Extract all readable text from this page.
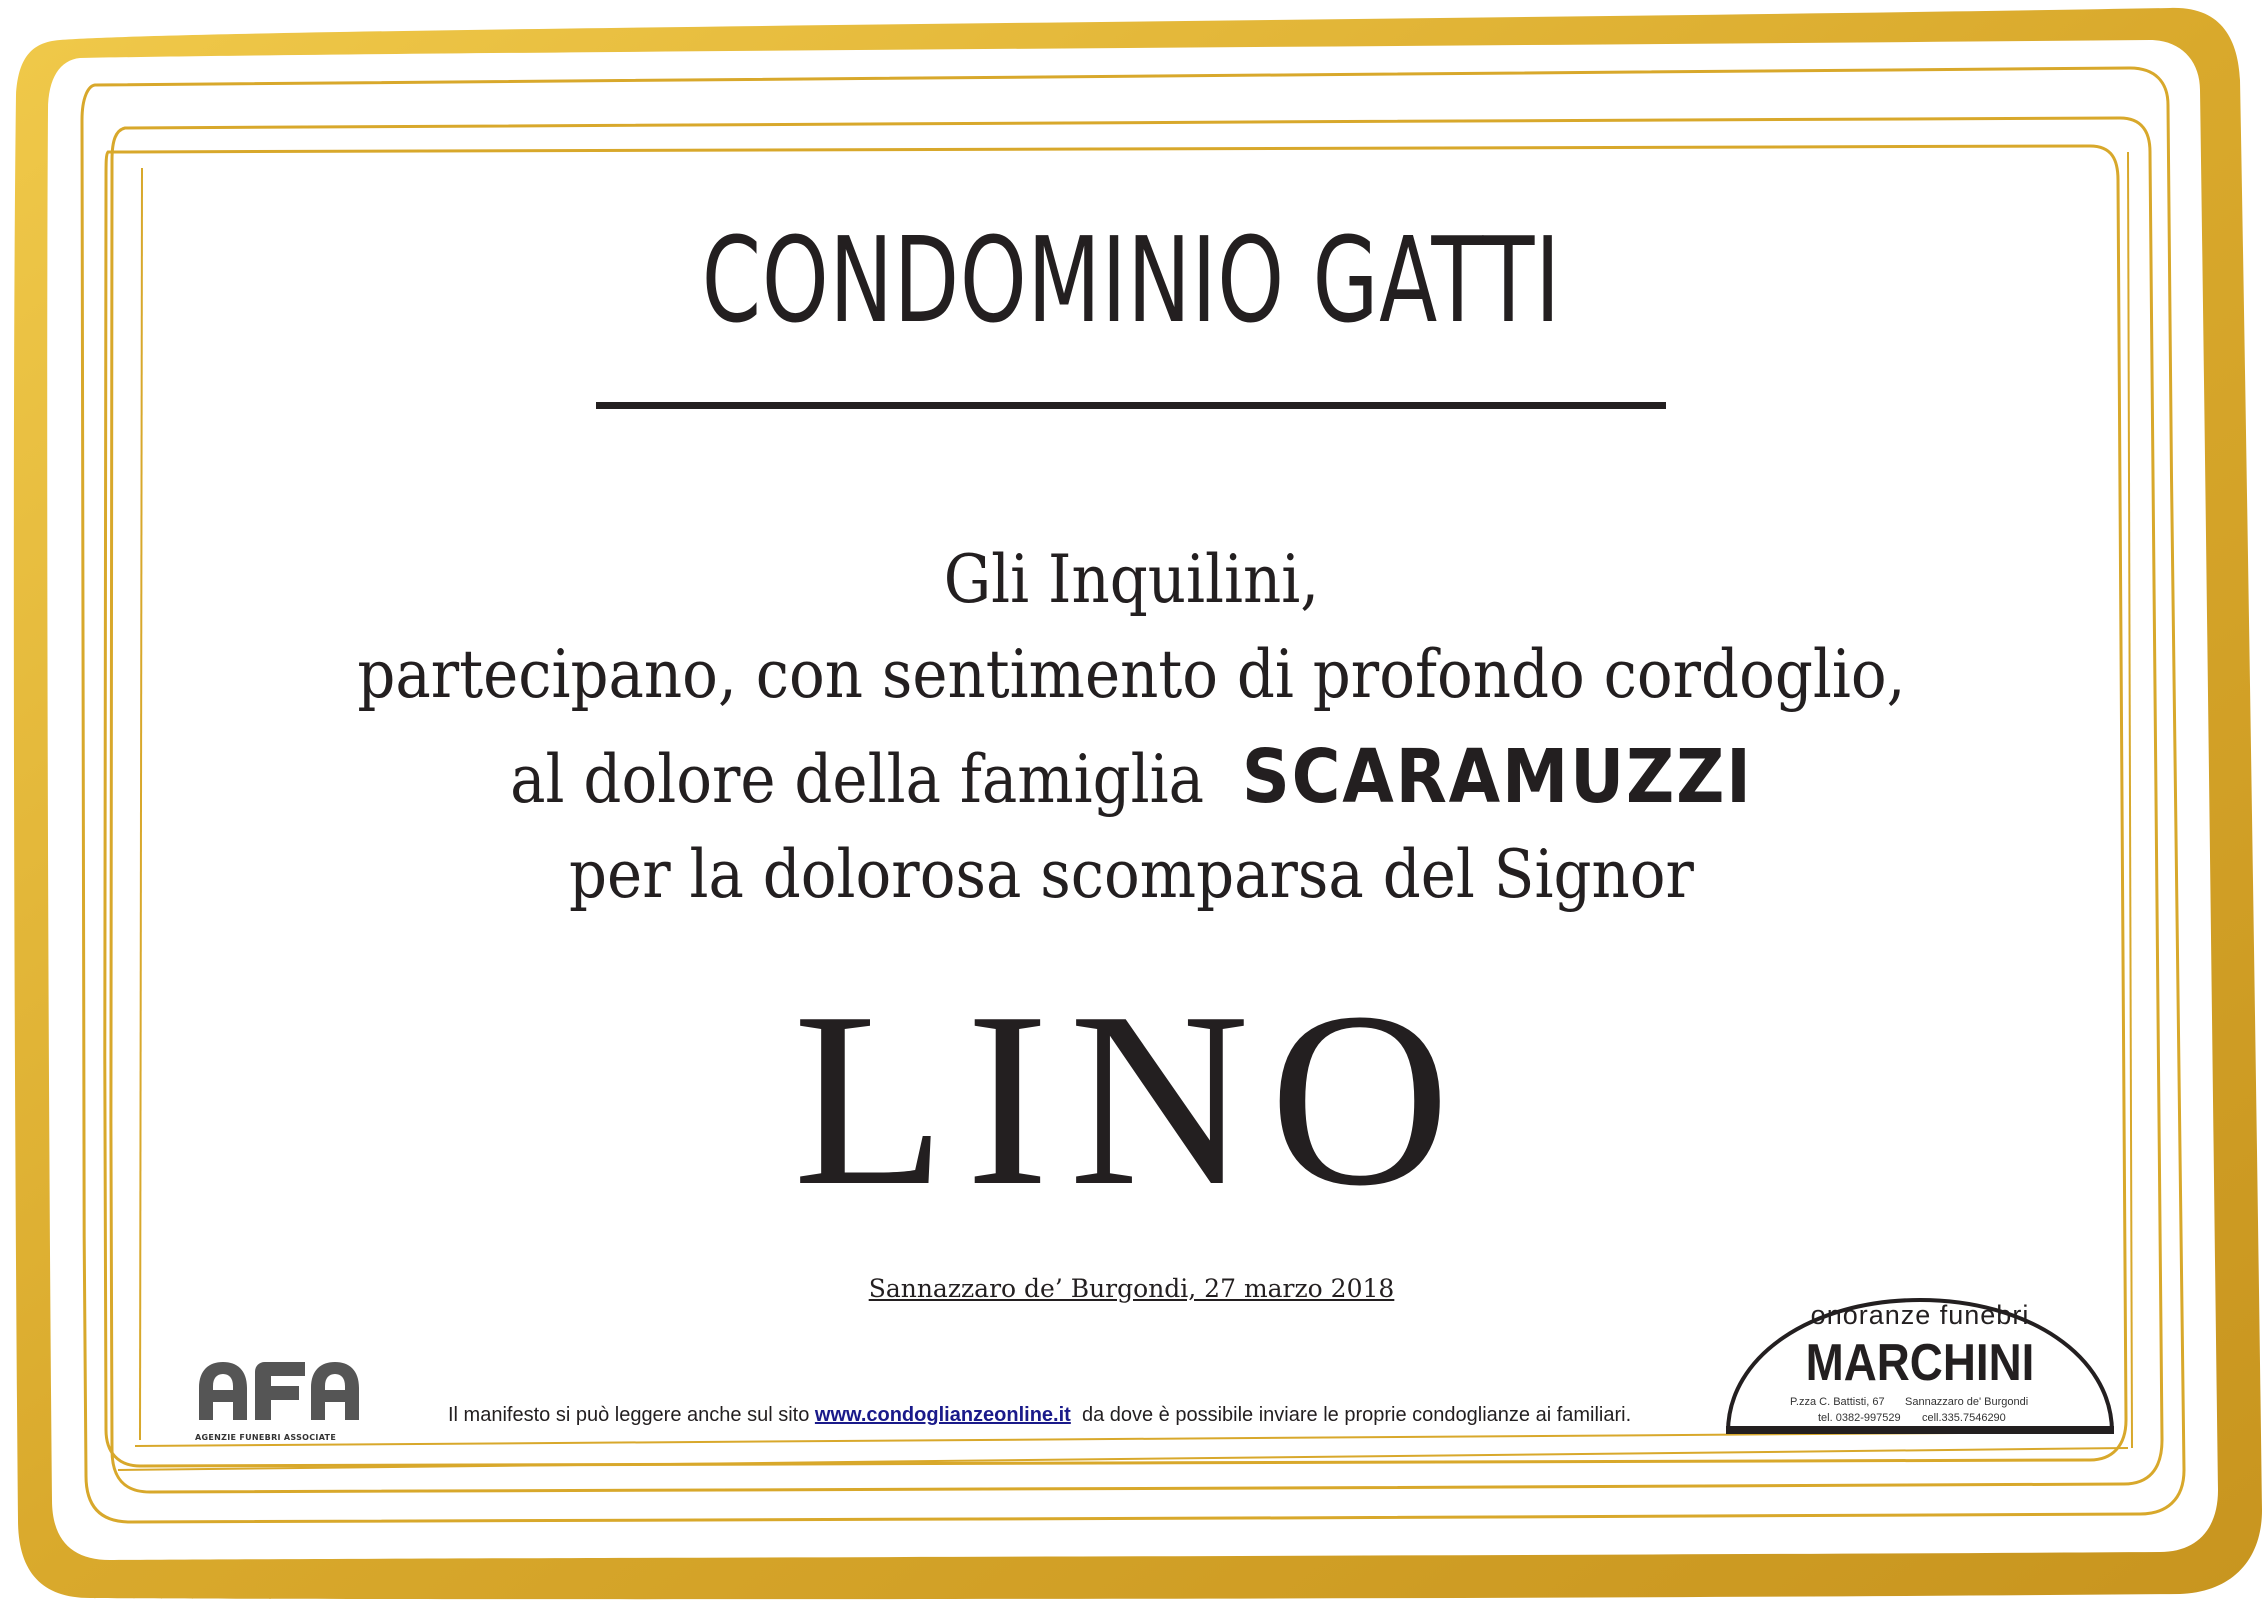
CONDOMINIO GATTI
Gli Inquilini,
partecipano, con sentimento di profondo cordoglio,
al dolore della famiglia SCARAMUZZI
per la dolorosa scomparsa del Signor
LINO
Sannazzaro de’ Burgondi, 27 marzo 2018
AGENZIE FUNEBRI ASSOCIATE
Il manifesto si può leggere anche sul sito www.condoglianzeonline.it da dove è possibile inviare le proprie condoglianze ai familiari.
onoranze funebri
MARCHINI
P.zza C. Battisti, 67 Sannazzaro de' Burgondi
tel. 0382-997529 cell.335.7546290
